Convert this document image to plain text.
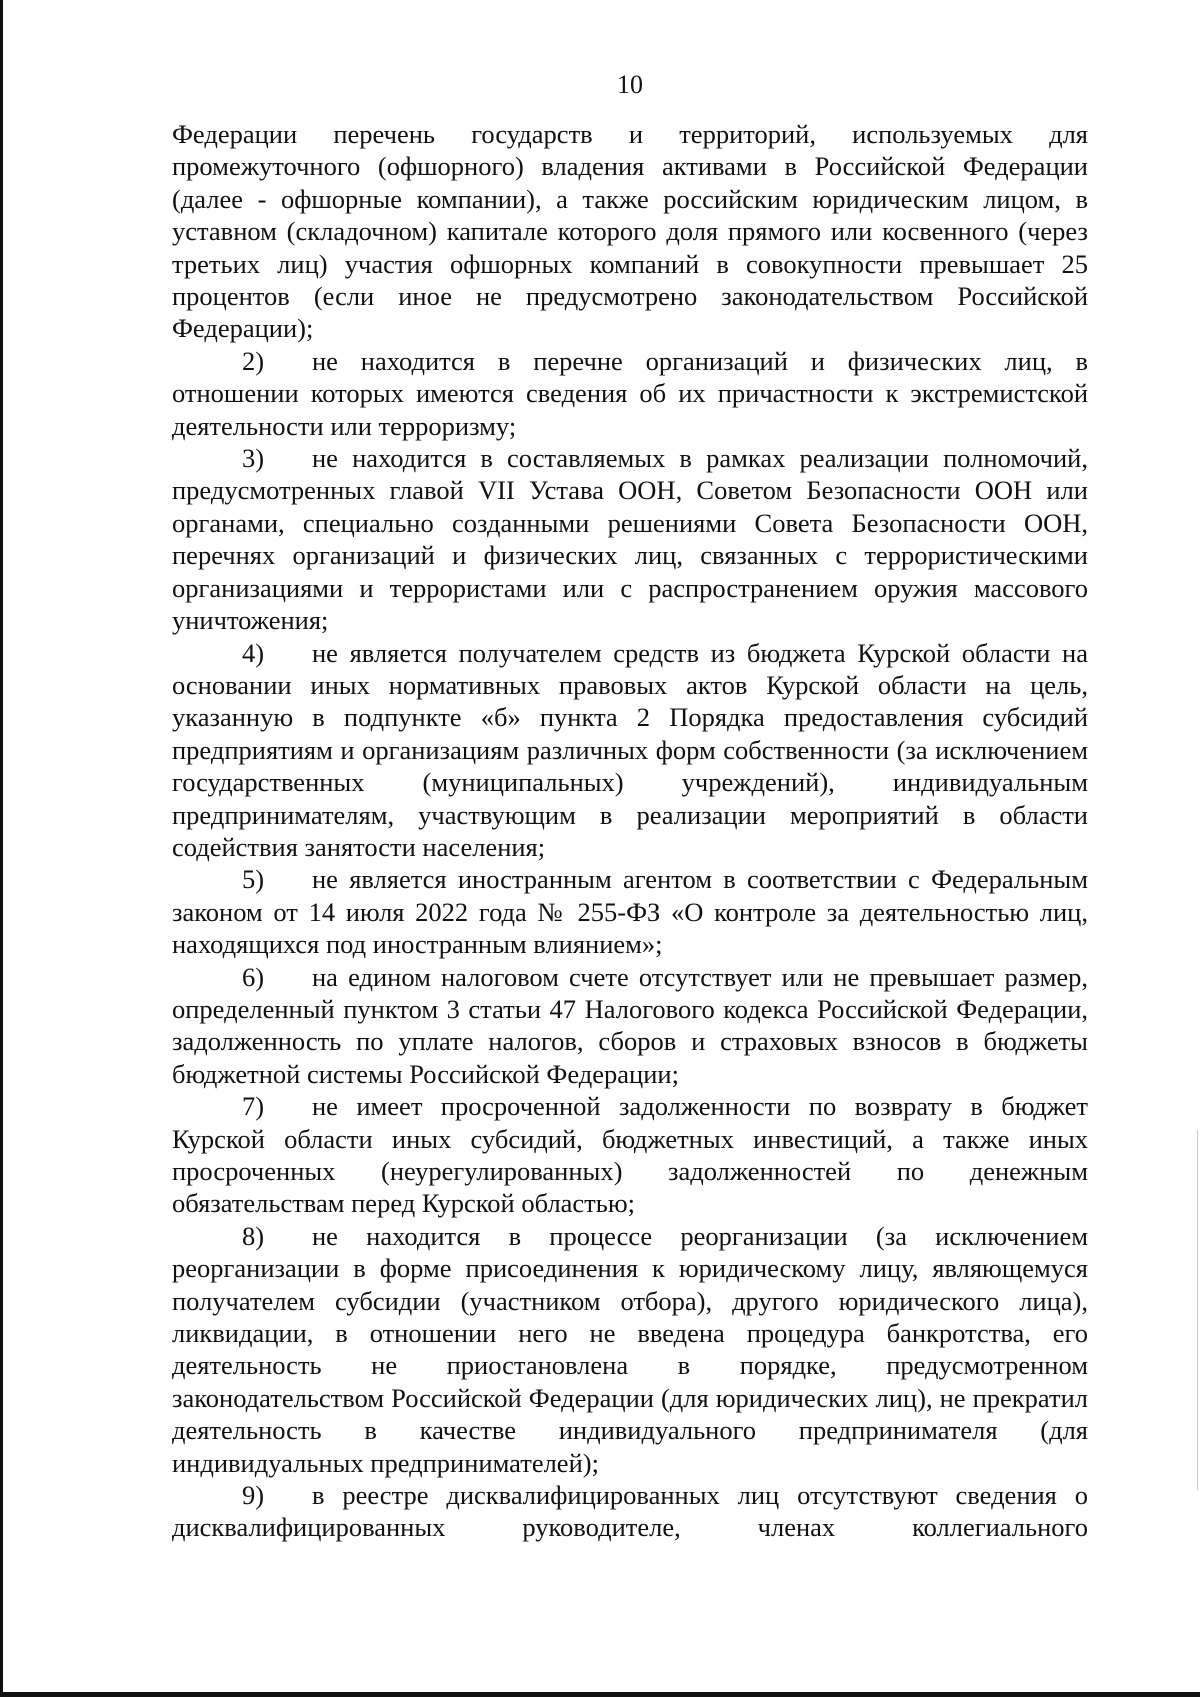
10

Федерации перечень государств и территорий, используемых для промежуточного (офшорного) владения активами в Российской Федерации (далее - офшорные компании), а также российским юридическим лицом, в уставном (складочном) капитале которого доля прямого или косвенного (через третьих лиц) участия офшорных компаний в совокупности превышает 25 процентов (если иное не предусмотрено законодательством Российской Федерации);

2) не находится в перечне организаций и физических лиц, в отношении которых имеются сведения об их причастности к экстремистской деятельности или терроризму;

3) не находится в составляемых в рамках реализации полномочий, предусмотренных главой VII Устава ООН, Советом Безопасности ООН или органами, специально созданными решениями Совета Безопасности ООН, перечнях организаций и физических лиц, связанных с террористическими организациями и террористами или с распространением оружия массового уничтожения;

4) не является получателем средств из бюджета Курской области на основании иных нормативных правовых актов Курской области на цель, указанную в подпункте «б» пункта 2 Порядка предоставления субсидий предприятиям и организациям различных форм собственности (за исключением государственных (муниципальных) учреждений), индивидуальным предпринимателям, участвующим в реализации мероприятий в области содействия занятости населения;

5) не является иностранным агентом в соответствии с Федеральным законом от 14 июля 2022 года № 255-ФЗ «О контроле за деятельностью лиц, находящихся под иностранным влиянием»;

6) на едином налоговом счете отсутствует или не превышает размер, определенный пунктом 3 статьи 47 Налогового кодекса Российской Федерации, задолженность по уплате налогов, сборов и страховых взносов в бюджеты бюджетной системы Российской Федерации;

7) не имеет просроченной задолженности по возврату в бюджет Курской области иных субсидий, бюджетных инвестиций, а также иных просроченных (неурегулированных) задолженностей по денежным обязательствам перед Курской областью;

8) не находится в процессе реорганизации (за исключением реорганизации в форме присоединения к юридическому лицу, являющемуся получателем субсидии (участником отбора), другого юридического лица), ликвидации, в отношении него не введена процедура банкротства, его деятельность не приостановлена в порядке, предусмотренном законодательством Российской Федерации (для юридических лиц), не прекратил деятельность в качестве индивидуального предпринимателя (для индивидуальных предпринимателей);

9) в реестре дисквалифицированных лиц отсутствуют сведения о дисквалифицированных руководителе, членах коллегиального
